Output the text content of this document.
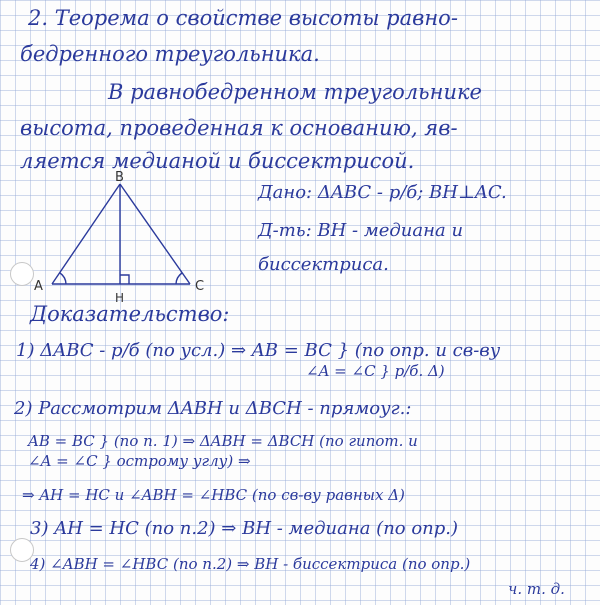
2. Теорема о свойстве высоты равно-
бедренного треугольника.
В равнобедренном треугольнике
высота, проведенная к основанию, яв-
ляется медианой и биссектрисой.
B
A	C
H
Дано: ΔABC - р/б; BH⊥AC.
Д-ть: BH - медиана и
биссектриса.
Доказательство:
1) ΔABC - р/б (по усл.) ⇒ AB = BC } (по опр. и св-ву
∠A = ∠C } р/б. Δ)
2) Рассмотрим ΔABH и ΔBCH - прямоуг.:
AB = BC } (по п. 1) ⇒ ΔABH = ΔBCH (по гипот. и
∠A = ∠C } острому углу) ⇒
⇒ AH = HC и ∠ABH = ∠HBC (по св-ву равных Δ)
3) AH = HC (по п.2) ⇒ BH - медиана (по опр.)
4) ∠ABH = ∠HBC (по п.2) ⇒ BH - биссектриса (по опр.)
ч. т. д.
